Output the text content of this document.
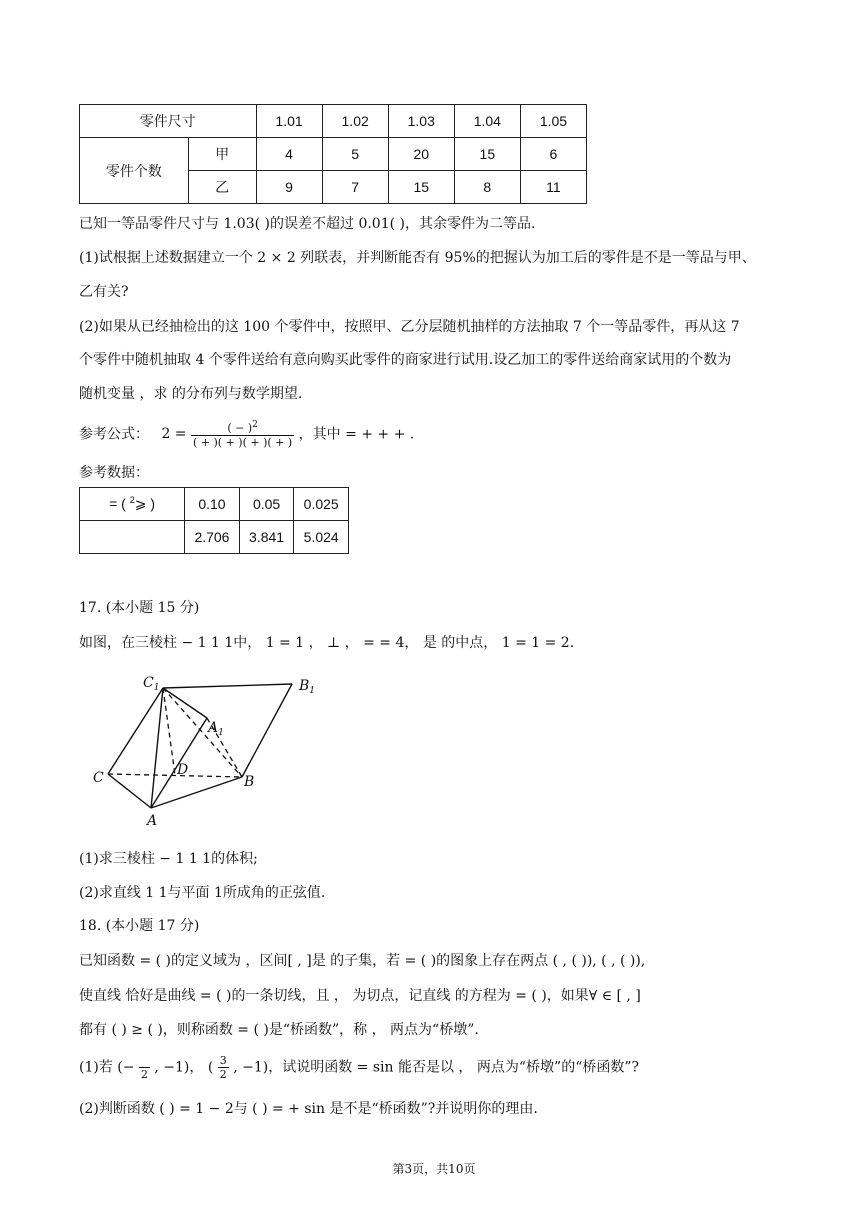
零件尺寸		1.01	1.02	1.03	1.04	1.05
零件个数	甲	4	5	20	15	6
	乙	9	7	15	8	11
已知一等品零件尺寸与 1.03( )的误差不超过 0.01( )，其余零件为二等品.
(1)试根据上述数据建立一个 2 × 2 列联表，并判断能否有 95%的把握认为加工后的零件是不是一等品与甲、
乙有关?
(2)如果从已经抽检出的这 100 个零件中，按照甲、乙分层随机抽样的方法抽取 7 个一等品零件，再从这 7
个零件中随机抽取 4 个零件送给有意向购买此零件的商家进行试用.设乙加工的零件送给商家试用的个数为
随机变量 ，求 的分布列与数学期望.
参考公式： $2 = \frac{( - )^2}{( + )( + )( + )( + )}$ ，其中 = + + + .
参考数据：
= ( $^2$⩾ )	0.10	0.05	0.025
	2.706	3.841	5.024
17. (本小题 15 分)
如图，在三棱柱 − 1 1 1中， 1 = 1 ， ⊥ ， = = 4， 是 的中点， 1 = 1 = 2.
$C_1$	$B_1$
$A_1$
C	D
B
A
(1)求三棱柱 − 1 1 1的体积;
(2)求直线 1 1与平面 1所成角的正弦值.
18. (本小题 17 分)
已知函数 = ( )的定义域为 ，区间[ , ]是 的子集，若 = ( )的图象上存在两点 ( , ( )), ( , ( )),
使直线 恰好是曲线 = ( )的一条切线，且 ， 为切点，记直线 的方程为 = ( )，如果∀ ∈ [ , ]
都有 ( ) ≥ ( )，则称函数 = ( )是“桥函数”，称 ， 两点为“桥墩”.
(1)若 (− 2 , −1)， ( $\frac{3}{2}$ , −1)，试说明函数 = sin 能否是以 ， 两点为“桥墩”的“桥函数”?
(2)判断函数 ( ) = 1 − 2与 ( ) = + sin 是不是“桥函数”?并说明你的理由.
第3页，共10页
